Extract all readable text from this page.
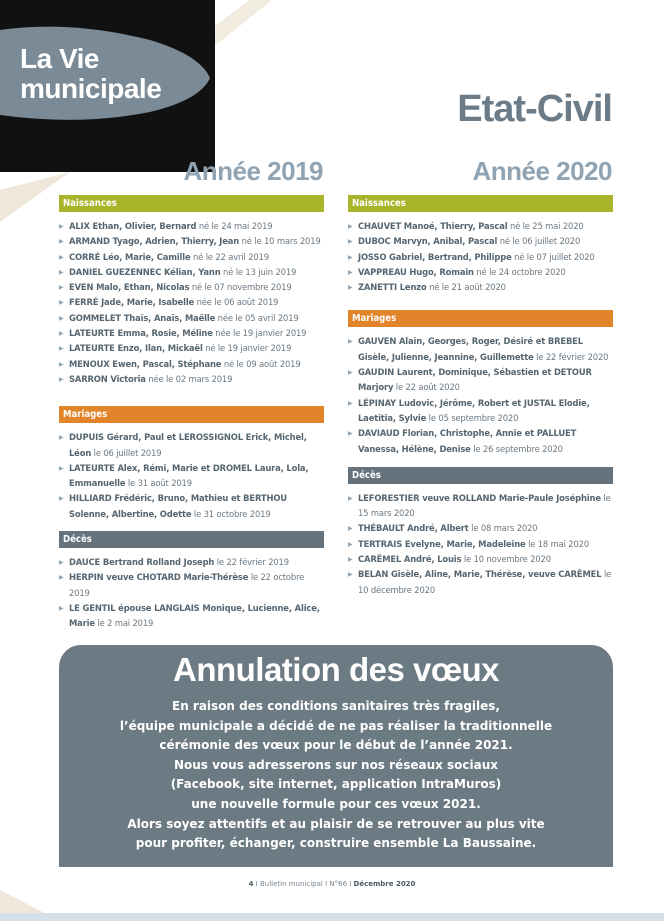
La Vie
municipale	Etat-Civil
Année 2019	Année 2020
Naissances
▶ ALIX Ethan, Olivier, Bernard né le 24 mai 2019
▶ ARMAND Tyago, Adrien, Thierry, Jean né le 10 mars 2019
▶ CORRÉ Léo, Marie, Camille né le 22 avril 2019
▶ DANIEL GUEZENNEC Kélian, Yann né le 13 juin 2019
▶ EVEN Malo, Ethan, Nicolas né le 07 novembre 2019
▶ FERRÉ Jade, Marie, Isabelle née le 06 août 2019
▶ GOMMELET Thaïs, Anaïs, Maëlle née le 05 avril 2019
▶ LATEURTE Emma, Rosie, Méline née le 19 janvier 2019
▶ LATEURTE Enzo, Ilan, Mickaël né le 19 janvier 2019
▶ MENOUX Ewen, Pascal, Stéphane né le 09 août 2019
▶ SARRON Victoria née le 02 mars 2019
Mariages
▶ DUPUIS Gérard, Paul et LEROSSIGNOL Erick, Michel, Léon le 06 juillet 2019
▶ LATEURTE Alex, Rémi, Marie et DROMEL Laura, Lola, Emmanuelle le 31 août 2019
▶ HILLIARD Frédéric, Bruno, Mathieu et BERTHOU Solenne, Albertine, Odette le 31 octobre 2019
Décès
▶ DAUCE Bertrand Rolland Joseph le 22 février 2019
▶ HERPIN veuve CHOTARD Marie-Thérèse le 22 octobre 2019
▶ LE GENTIL épouse LANGLAIS Monique, Lucienne, Alice, Marie le 2 mai 2019
Naissances
▶ CHAUVET Manoé, Thierry, Pascal né le 25 mai 2020
▶ DUBOC Marvyn, Anibal, Pascal né le 06 juillet 2020
▶ JOSSO Gabriel, Bertrand, Philippe né le 07 juillet 2020
▶ VAPPREAU Hugo, Romain né le 24 octobre 2020
▶ ZANETTI Lenzo né le 21 août 2020
Mariages
▶ GAUVEN Alain, Georges, Roger, Désiré et BREBEL Gisèle, Julienne, Jeannine, Guillemette le 22 février 2020
▶ GAUDIN Laurent, Dominique, Sébastien et DETOUR Marjory le 22 août 2020
▶ LÉPINAY Ludovic, Jérôme, Robert et JUSTAL Elodie, Laetitia, Sylvie le 05 septembre 2020
▶ DAVIAUD Florian, Christophe, Annie et PALLUET Vanessa, Hélène, Denise le 26 septembre 2020
Décès
▶ LEFORESTIER veuve ROLLAND Marie-Paule Joséphine le 15 mars 2020
▶ THÉBAULT André, Albert le 08 mars 2020
▶ TERTRAIS Evelyne, Marie, Madeleine le 18 mai 2020
▶ CARÊMEL André, Louis le 10 novembre 2020
▶ BELAN Gisèle, Aline, Marie, Thérèse, veuve CARÊMEL le 10 décembre 2020
Annulation des vœux

En raison des conditions sanitaires très fragiles,
l’équipe municipale a décidé de ne pas réaliser la traditionnelle
cérémonie des vœux pour le début de l’année 2021.
Nous vous adresserons sur nos réseaux sociaux
(Facebook, site internet, application IntraMuros)
une nouvelle formule pour ces vœux 2021.
Alors soyez attentifs et au plaisir de se retrouver au plus vite
pour profiter, échanger, construire ensemble La Baussaine.

4 I Bulletin municipal I N°66 I Décembre 2020
